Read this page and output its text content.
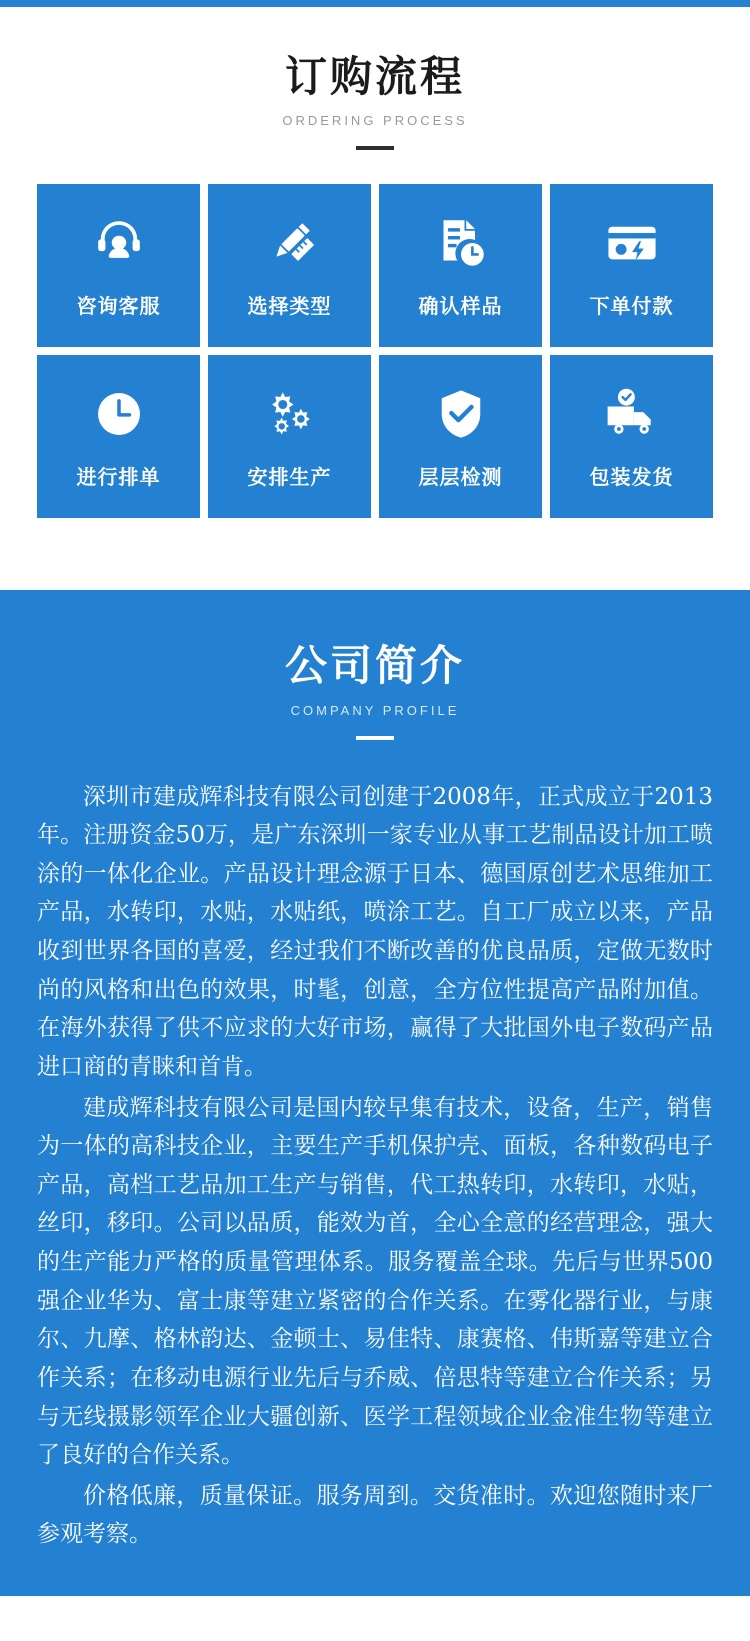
订购流程
ORDERING PROCESS
咨询客服	选择类型	确认样品	下单付款
进行排单	安排生产	层层检测	包装发货
公司简介
COMPANY PROFILE

深圳市建成辉科技有限公司创建于2008年，正式成立于2013年。注册资金50万，是广东深圳一家专业从事工艺制品设计加工喷涂的一体化企业。产品设计理念源于日本、德国原创艺术思维加工产品，水转印，水贴，水贴纸，喷涂工艺。自工厂成立以来，产品收到世界各国的喜爱，经过我们不断改善的优良品质，定做无数时尚的风格和出色的效果，时髦，创意，全方位性提高产品附加值。在海外获得了供不应求的大好市场，赢得了大批国外电子数码产品进口商的青睐和首肯。

建成辉科技有限公司是国内较早集有技术，设备，生产，销售为一体的高科技企业，主要生产手机保护壳、面板，各种数码电子产品，高档工艺品加工生产与销售，代工热转印，水转印，水贴，丝印，移印。公司以品质，能效为首，全心全意的经营理念，强大的生产能力严格的质量管理体系。服务覆盖全球。先后与世界500强企业华为、富士康等建立紧密的合作关系。在雾化器行业，与康尔、九摩、格林韵达、金顿士、易佳特、康赛格、伟斯嘉等建立合作关系；在移动电源行业先后与乔威、倍思特等建立合作关系；另与无线摄影领军企业大疆创新、医学工程领域企业金准生物等建立了良好的合作关系。

价格低廉，质量保证。服务周到。交货准时。欢迎您随时来厂参观考察。
